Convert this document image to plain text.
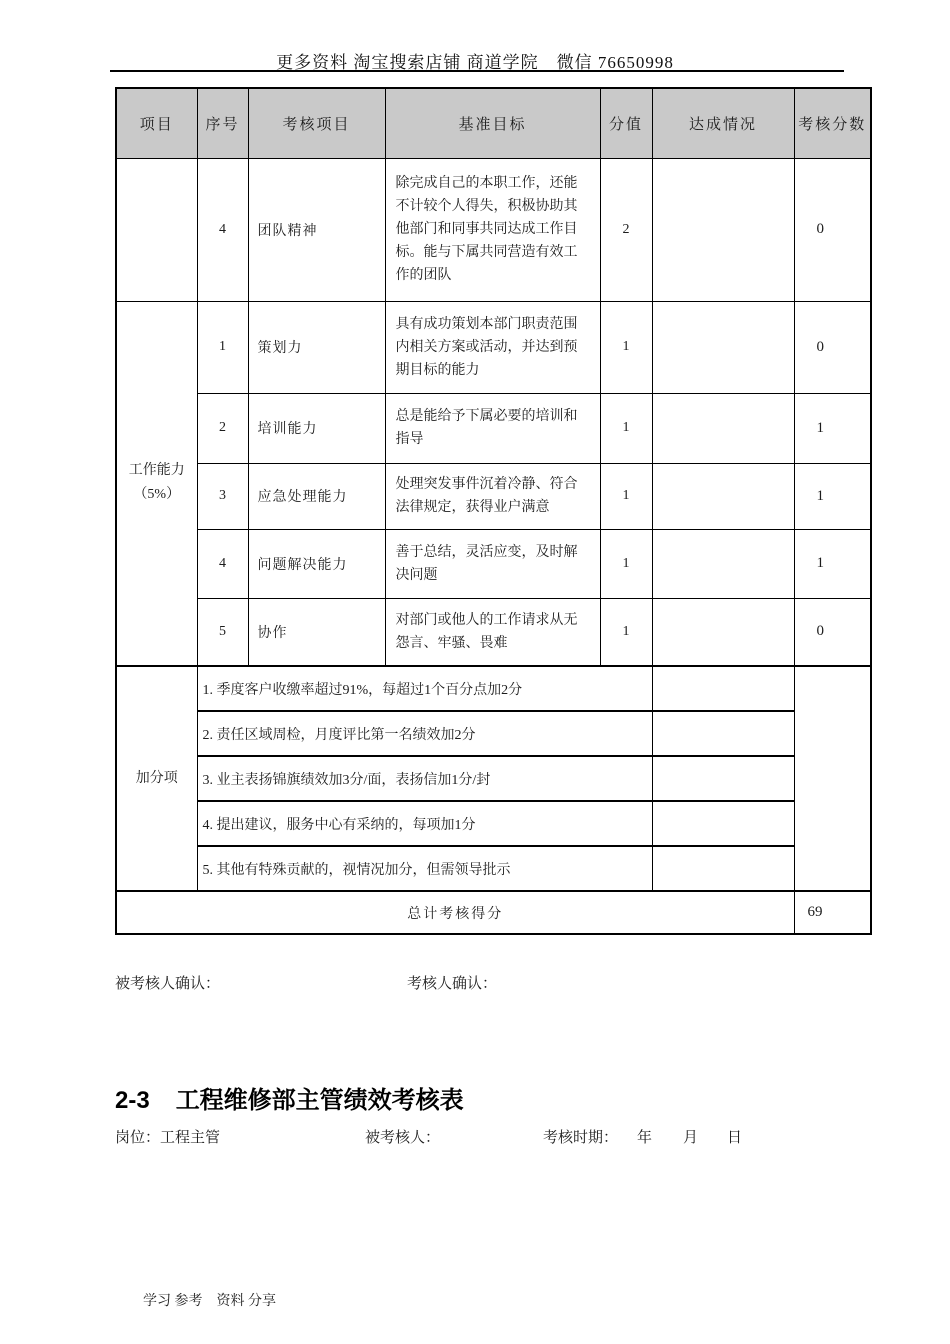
更多资料 淘宝搜索店铺 商道学院　微信 76650998
项目	序号	考核项目	基准目标	分值	达成情况	考核分数
	4	团队精神	除完成自己的本职工作，还能不计较个人得失，积极协助其他部门和同事共同达成工作目标。能与下属共同营造有效工作的团队	2		0
工作能力（5%）	1	策划力	具有成功策划本部门职责范围内相关方案或活动，并达到预期目标的能力	1		0
	2	培训能力	总是能给予下属必要的培训和指导	1		1
	3	应急处理能力	处理突发事件沉着冷静、符合法律规定，获得业户满意	1		1
	4	问题解决能力	善于总结，灵活应变，及时解决问题	1		1
	5	协作	对部门或他人的工作请求从无怨言、牢骚、畏难	1		0
加分项	1. 季度客户收缴率超过91%，每超过1个百分点加2分					
	2. 责任区域周检，月度评比第一名绩效加2分					
	3. 业主表扬锦旗绩效加3分/面，表扬信加1分/封					
	4. 提出建议，服务中心有采纳的，每项加1分					
	5. 其他有特殊贡献的，视情况加分，但需领导批示					
总计考核得分						69
被考核人确认：	考核人确认：
2-3 工程维修部主管绩效考核表
岗位：工程主管	被考核人：	考核时期： 年 月 日
学习 参考　资料 分享
